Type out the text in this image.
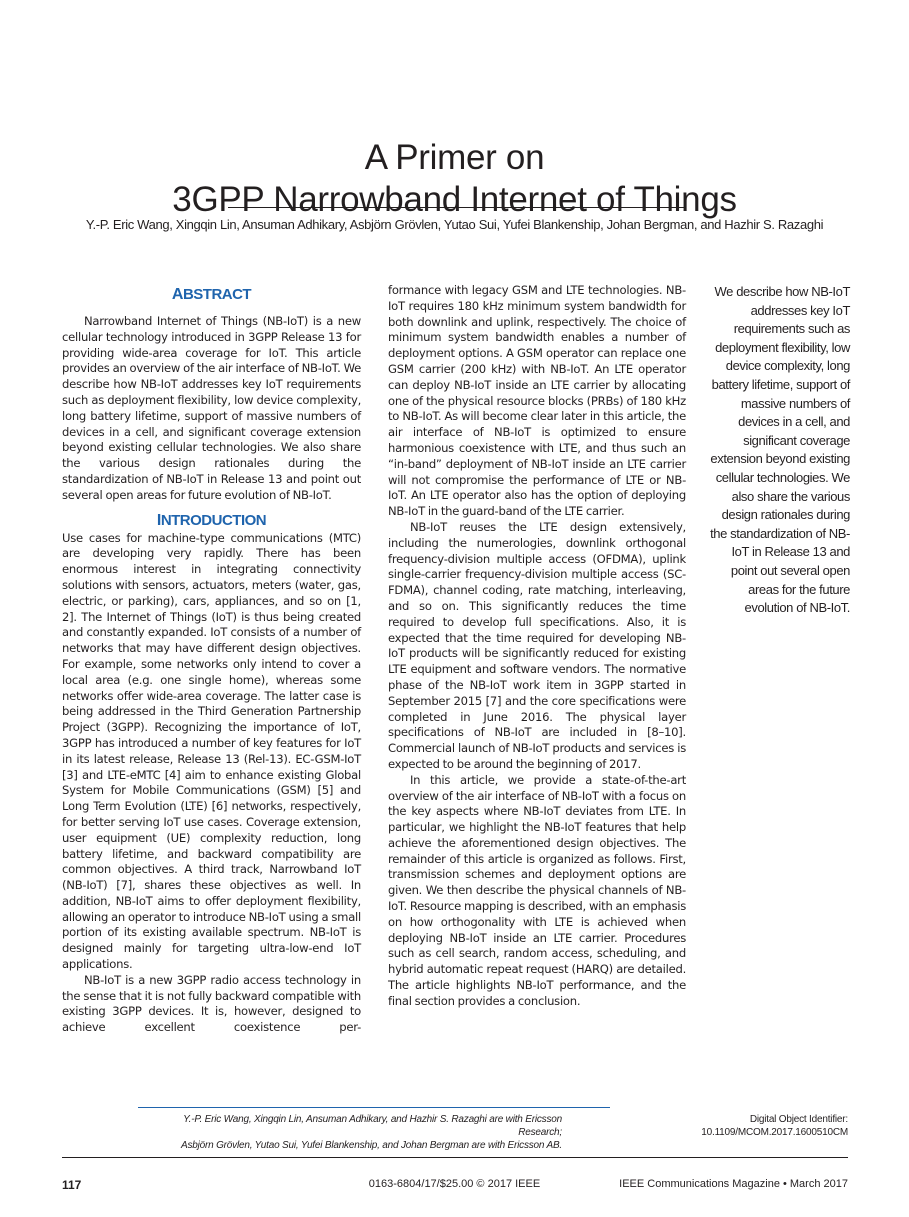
A Primer on
3GPP Narrowband Internet of Things
Y.-P. Eric Wang, Xingqin Lin, Ansuman Adhikary, Asbjörn Grövlen, Yutao Sui, Yufei Blankenship, Johan Bergman, and Hazhir S. Razaghi
ABSTRACT

Narrowband Internet of Things (NB-IoT) is a new cellular technology introduced in 3GPP Release 13 for providing wide-area coverage for IoT. This article provides an overview of the air interface of NB-IoT. We describe how NB-IoT addresses key IoT requirements such as deployment flexibility, low device complexity, long battery lifetime, support of massive numbers of devices in a cell, and significant coverage extension beyond existing cellular technologies. We also share the various design rationales during the standardization of NB-IoT in Release 13 and point out several open areas for future evolution of NB-IoT.

INTRODUCTION

Use cases for machine-type communications (MTC) are developing very rapidly. There has been enormous interest in integrating connectivity solutions with sensors, actuators, meters (water, gas, electric, or parking), cars, appliances, and so on [1, 2]. The Internet of Things (IoT) is thus being created and constantly expanded. IoT consists of a number of networks that may have different design objectives. For example, some networks only intend to cover a local area (e.g. one single home), whereas some networks offer wide-area coverage. The latter case is being addressed in the Third Generation Partnership Project (3GPP). Recognizing the importance of IoT, 3GPP has introduced a number of key features for IoT in its latest release, Release 13 (Rel-13). EC-GSM-IoT [3] and LTE-eMTC [4] aim to enhance existing Global System for Mobile Communications (GSM) [5] and Long Term Evolution (LTE) [6] networks, respectively, for better serving IoT use cases. Coverage extension, user equipment (UE) complexity reduction, long battery lifetime, and backward compatibility are common objectives. A third track, Narrowband IoT (NB-IoT) [7], shares these objectives as well. In addition, NB-IoT aims to offer deployment flexibility, allowing an operator to introduce NB-IoT using a small portion of its existing available spectrum. NB-IoT is designed mainly for targeting ultra-low-end IoT applications.

NB-IoT is a new 3GPP radio access technology in the sense that it is not fully backward compatible with existing 3GPP devices. It is, however, designed to achieve excellent coexistence per-

formance with legacy GSM and LTE technologies. NB-IoT requires 180 kHz minimum system bandwidth for both downlink and uplink, respectively. The choice of minimum system bandwidth enables a number of deployment options. A GSM operator can replace one GSM carrier (200 kHz) with NB-IoT. An LTE operator can deploy NB-IoT inside an LTE carrier by allocating one of the physical resource blocks (PRBs) of 180 kHz to NB-IoT. As will become clear later in this article, the air interface of NB-IoT is optimized to ensure harmonious coexistence with LTE, and thus such an “in-band” deployment of NB-IoT inside an LTE carrier will not compromise the performance of LTE or NB-IoT. An LTE operator also has the option of deploying NB-IoT in the guard-band of the LTE carrier.

NB-IoT reuses the LTE design extensively, including the numerologies, downlink orthogonal frequency-division multiple access (OFDMA), uplink single-carrier frequency-division multiple access (SC-FDMA), channel coding, rate matching, interleaving, and so on. This significantly reduces the time required to develop full specifications. Also, it is expected that the time required for developing NB-IoT products will be significantly reduced for existing LTE equipment and software vendors. The normative phase of the NB-IoT work item in 3GPP started in September 2015 [7] and the core specifications were completed in June 2016. The physical layer specifications of NB-IoT are included in [8–10]. Commercial launch of NB-IoT products and services is expected to be around the beginning of 2017.

In this article, we provide a state-of-the-art overview of the air interface of NB-IoT with a focus on the key aspects where NB-IoT deviates from LTE. In particular, we highlight the NB-IoT features that help achieve the aforementioned design objectives. The remainder of this article is organized as follows. First, transmission schemes and deployment options are given. We then describe the physical channels of NB-IoT. Resource mapping is described, with an emphasis on how orthogonality with LTE is achieved when deploying NB-IoT inside an LTE carrier. Procedures such as cell search, random access, scheduling, and hybrid automatic repeat request (HARQ) are detailed. The article highlights NB-IoT performance, and the final section provides a conclusion.

We describe how NB-IoT addresses key IoT requirements such as deployment flexibility, low device complexity, long battery lifetime, support of massive numbers of devices in a cell, and significant coverage extension beyond existing cellular technologies. We also share the various design rationales during the standardization of NB-IoT in Release 13 and point out several open areas for the future evolution of NB-IoT.
Y.-P. Eric Wang, Xingqin Lin, Ansuman Adhikary, and Hazhir S. Razaghi are with Ericsson Research;
Asbjörn Grövlen, Yutao Sui, Yufei Blankenship, and Johan Bergman are with Ericsson AB.
Digital Object Identifier:
10.1109/MCOM.2017.1600510CM
117	0163-6804/17/$25.00 © 2017 IEEE	IEEE Communications Magazine • March 2017
